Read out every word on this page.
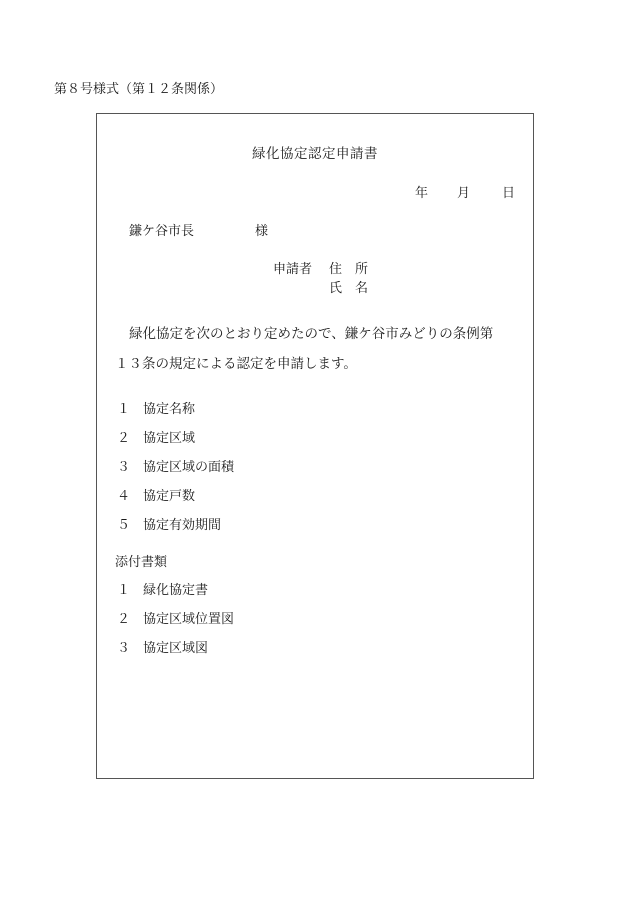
第８号様式（第１２条関係）
緑化協定認定申請書
年 月 日
鎌ケ谷市長	様
申請者 住　所
氏　名
緑化協定を次のとおり定めたので、鎌ケ谷市みどりの条例第
１３条の規定による認定を申請します。
１ 協定名称
２ 協定区域
３ 協定区域の面積
４ 協定戸数
５ 協定有効期間
添付書類
１ 緑化協定書
２ 協定区域位置図
３ 協定区域図
